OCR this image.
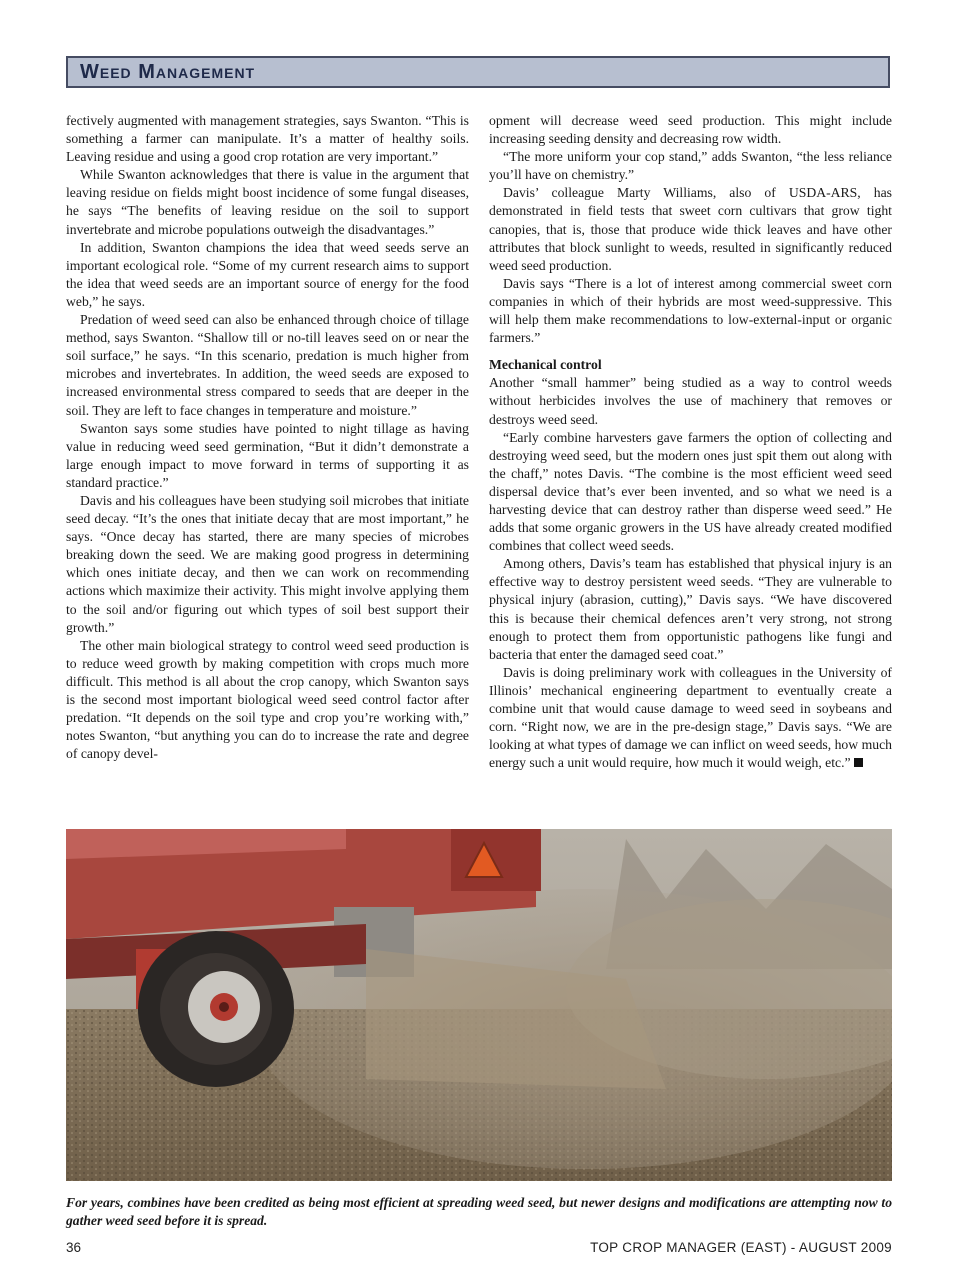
Weed Management

fectively augmented with management strategies, says Swanton. “This is something a farmer can manipulate. It’s a matter of healthy soils. Leaving residue and using a good crop rotation are very important.”

While Swanton acknowledges that there is value in the argument that leaving residue on fields might boost incidence of some fungal diseases, he says “The benefits of leaving residue on the soil to support invertebrate and microbe populations outweigh the disadvantages.”

In addition, Swanton champions the idea that weed seeds serve an important ecological role. “Some of my current research aims to support the idea that weed seeds are an important source of energy for the food web,” he says.

Predation of weed seed can also be enhanced through choice of tillage method, says Swanton. “Shallow till or no-till leaves seed on or near the soil surface,” he says. “In this scenario, predation is much higher from microbes and invertebrates. In addition, the weed seeds are exposed to increased environmental stress compared to seeds that are deeper in the soil. They are left to face changes in temperature and moisture.”

Swanton says some studies have pointed to night tillage as having value in reducing weed seed germination, “But it didn’t demonstrate a large enough impact to move forward in terms of supporting it as standard practice.”

Davis and his colleagues have been studying soil microbes that initiate seed decay. “It’s the ones that initiate decay that are most important,” he says. “Once decay has started, there are many species of microbes breaking down the seed. We are making good progress in determining which ones initiate decay, and then we can work on recommending actions which maximize their activity. This might involve applying them to the soil and/or figuring out which types of soil best support their growth.”

The other main biological strategy to control weed seed production is to reduce weed growth by making competition with crops much more difficult. This method is all about the crop canopy, which Swanton says is the second most important biological weed seed control factor after predation. “It depends on the soil type and crop you’re working with,” notes Swanton, “but anything you can do to increase the rate and degree of canopy devel-

opment will decrease weed seed production. This might include increasing seeding density and decreasing row width.

“The more uniform your cop stand,” adds Swanton, “the less reliance you’ll have on chemistry.”

Davis’ colleague Marty Williams, also of USDA-ARS, has demonstrated in field tests that sweet corn cultivars that grow tight canopies, that is, those that produce wide thick leaves and have other attributes that block sunlight to weeds, resulted in significantly reduced weed seed production.

Davis says “There is a lot of interest among commercial sweet corn companies in which of their hybrids are most weed-suppressive. This will help them make recommendations to low-external-input or organic farmers.”

Mechanical control

Another “small hammer” being studied as a way to control weeds without herbicides involves the use of machinery that removes or destroys weed seed.

“Early combine harvesters gave farmers the option of collecting and destroying weed seed, but the modern ones just spit them out along with the chaff,” notes Davis. “The combine is the most efficient weed seed dispersal device that’s ever been invented, and so what we need is a harvesting device that can destroy rather than disperse weed seed.” He adds that some organic growers in the US have already created modified combines that collect weed seeds.

Among others, Davis’s team has established that physical injury is an effective way to destroy persistent weed seeds. “They are vulnerable to physical injury (abrasion, cutting),” Davis says. “We have discovered this is because their chemical defences aren’t very strong, not strong enough to protect them from opportunistic pathogens like fungi and bacteria that enter the damaged seed coat.”

Davis is doing preliminary work with colleagues in the University of Illinois’ mechanical engineering department to eventually create a combine unit that would cause damage to weed seed in soybeans and corn. “Right now, we are in the pre-design stage,” Davis says. “We are looking at what types of damage we can inflict on weed seeds, how much energy such a unit would require, how much it would weigh, etc.”

For years, combines have been credited as being most efficient at spreading weed seed, but newer designs and modifications are attempting now to gather weed seed before it is spread.
36	TOP CROP MANAGER (EAST) - AUGUST 2009
